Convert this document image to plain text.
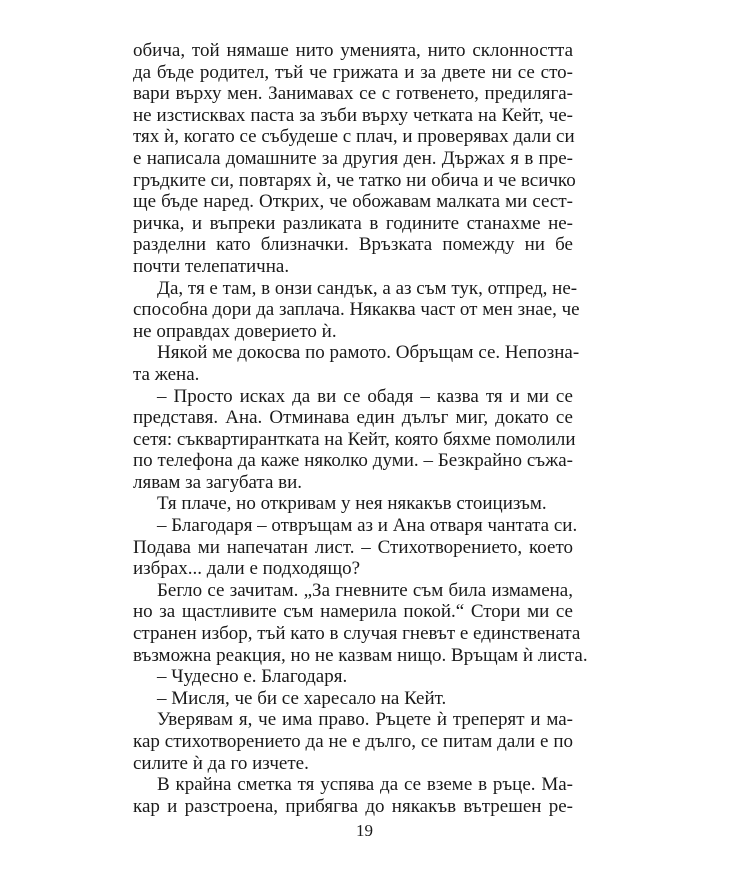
обича, той нямаше нито уменията, нито склонността
да бъде родител, тъй че грижата и за двете ни се сто-
вари върху мен. Занимавах се с готвенето, предиляга-
не изстисквах паста за зъби върху четката на Кейт, че-
тях ѝ, когато се събудеше с плач, и проверявах дали си
е написала домашните за другия ден. Държах я в пре-
гръдките си, повтарях ѝ, че татко ни обича и че всичко
ще бъде наред. Открих, че обожавам малката ми сест-
ричка, и въпреки разликата в годините станахме не-
разделни като близначки. Връзката помежду ни бе
почти телепатична.
Да, тя е там, в онзи сандък, а аз съм тук, отпред, не-
способна дори да заплача. Някаква част от мен знае, че
не оправдах доверието ѝ.
Някой ме докосва по рамото. Обръщам се. Непозна-
та жена.
– Просто исках да ви се обадя – казва тя и ми се
представя. Ана. Отминава един дълъг миг, докато се
сетя: съквартирантката на Кейт, която бяхме помолили
по телефона да каже няколко думи. – Безкрайно съжа-
лявам за загубата ви.
Тя плаче, но откривам у нея някакъв стоицизъм.
– Благодаря – отвръщам аз и Ана отваря чантата си.
Подава ми напечатан лист. – Стихотворението, което
избрах... дали е подходящо?
Бегло се зачитам. „За гневните съм била измамена,
но за щастливите съм намерила покой.“ Стори ми се
странен избор, тъй като в случая гневът е единствената
възможна реакция, но не казвам нищо. Връщам ѝ листа.
– Чудесно е. Благодаря.
– Мисля, че би се харесало на Кейт.
Уверявам я, че има право. Ръцете ѝ треперят и ма-
кар стихотворението да не е дълго, се питам дали е по
силите ѝ да го изчете.
В крайна сметка тя успява да се вземе в ръце. Ма-
кар и разстроена, прибягва до някакъв вътрешен ре-
19
